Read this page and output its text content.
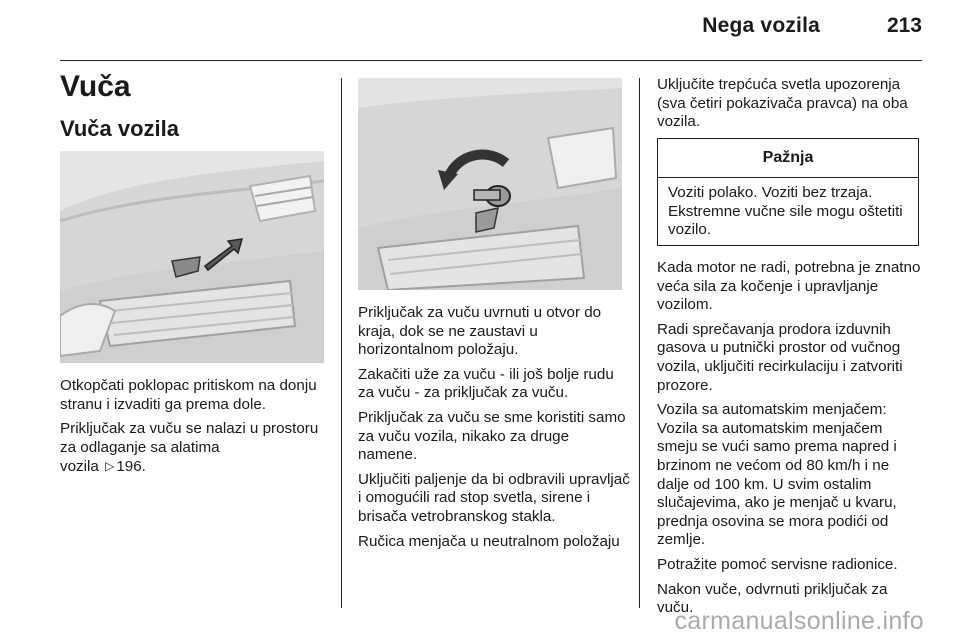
Nega vozila	213
Vuča
Vuča vozila

Otkopčati poklopac pritiskom na donju stranu i izvaditi ga prema dole.

Priključak za vuču se nalazi u prostoru za odlaganje sa alatima

vozila ▷ 196.

Priključak za vuču uvrnuti u otvor do kraja, dok se ne zaustavi u horizontalnom položaju.

Zakačiti uže za vuču - ili još bolje rudu za vuču - za priključak za vuču.

Priključak za vuču se sme koristiti samo za vuču vozila, nikako za druge namene.

Uključiti paljenje da bi odbravili upravljač i omogućili rad stop svetla, sirene i brisača vetrobranskog stakla.

Ručica menjača u neutralnom položaju

Uključite trepćuća svetla upozorenja (sva četiri pokazivača pravca) na oba vozila.

Pažnja
Voziti polako. Voziti bez trzaja. Ekstremne vučne sile mogu oštetiti vozilo.

Kada motor ne radi, potrebna je znatno veća sila za kočenje i upravljanje vozilom.

Radi sprečavanja prodora izduvnih gasova u putnički prostor od vučnog vozila, uključiti recirkulaciju i zatvoriti prozore.

Vozila sa automatskim menjačem: Vozila sa automatskim menjačem smeju se vući samo prema napred i brzinom ne većom od 80 km/h i ne dalje od 100 km. U svim ostalim slučajevima, ako je menjač u kvaru, prednja osovina se mora podići od zemlje.

Potražite pomoć servisne radionice.

Nakon vuče, odvrnuti priključak za vuču.

carmanualsonline.info
